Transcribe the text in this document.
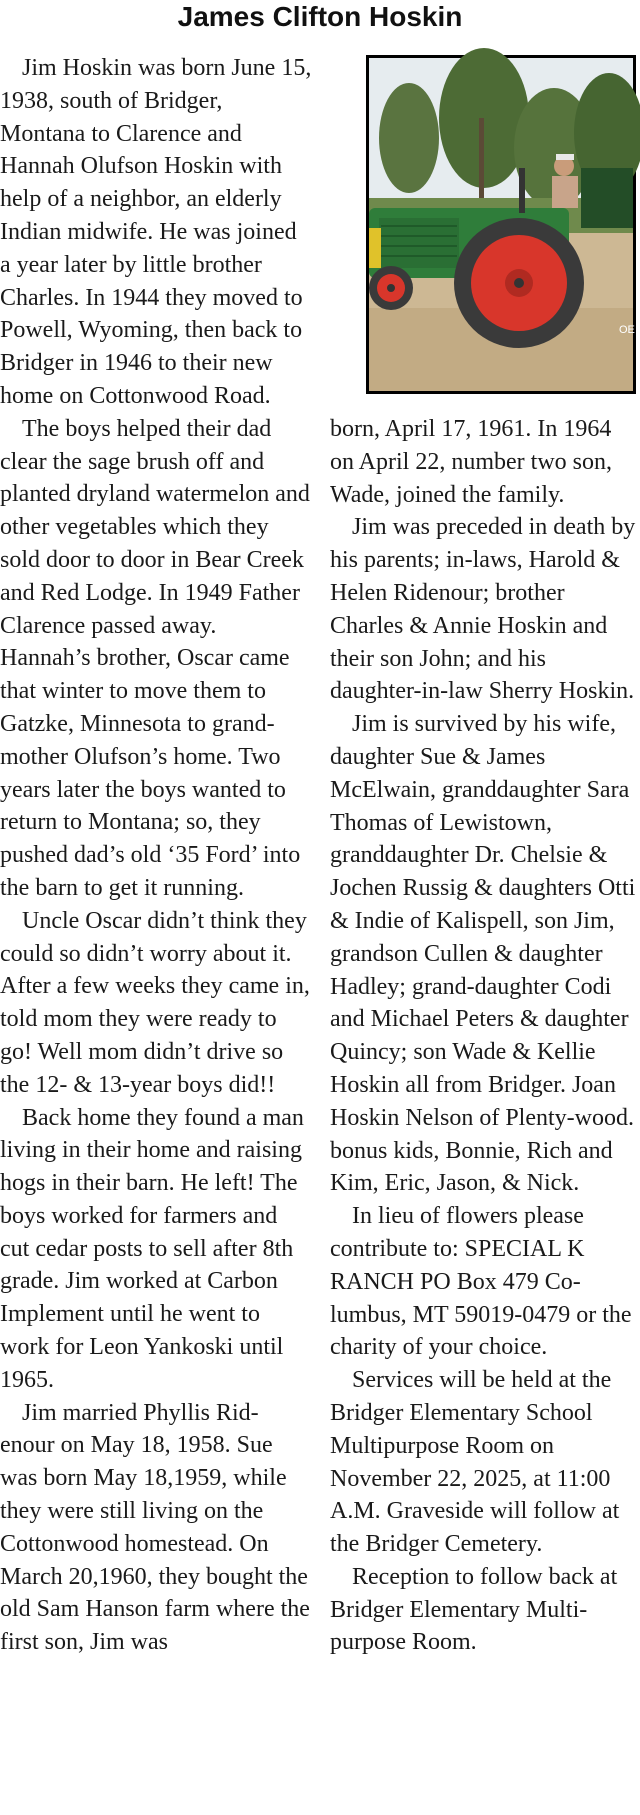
James Clifton Hoskin
OE

Jim Hoskin was born June 15, 1938, south of Bridger, Montana to Clarence and Hannah Olufson Hoskin with help of a neighbor, an elderly Indian midwife. He was joined a year later by little brother Charles. In 1944 they moved to Powell, Wyoming, then back to Bridger in 1946 to their new home on Cottonwood Road.

The boys helped their dad clear the sage brush off and planted dryland watermelon and other vegetables which they sold door to door in Bear Creek and Red Lodge. In 1949 Father Clarence passed away. Hannah’s brother, Oscar came that winter to move them to Gatzke, Minnesota to grand-mother Olufson’s home. Two years later the boys wanted to return to Montana; so, they pushed dad’s old ‘35 Ford’ into the barn to get it running.

Uncle Oscar didn’t think they could so didn’t worry about it. After a few weeks they came in, told mom they were ready to go! Well mom didn’t drive so the 12- & 13-year boys did!!

Back home they found a man living in their home and raising hogs in their barn. He left! The boys worked for farmers and cut cedar posts to sell after 8th grade. Jim worked at Carbon Implement until he went to work for Leon Yankoski until 1965.

Jim married Phyllis Rid-enour on May 18, 1958. Sue was born May 18,1959, while they were still living on the Cottonwood homestead. On March 20,1960, they bought the old Sam Hanson farm where the first son, Jim was

born, April 17, 1961. In 1964 on April 22, number two son, Wade, joined the family.

Jim was preceded in death by his parents; in-laws, Harold & Helen Ridenour; brother Charles & Annie Hoskin and their son John; and his daughter-in-law Sherry Hoskin.

Jim is survived by his wife, daughter Sue & James McElwain, granddaughter Sara Thomas of Lewistown, granddaughter Dr. Chelsie & Jochen Russig & daughters Otti & Indie of Kalispell, son Jim, grandson Cullen & daughter Hadley; grand-daughter Codi and Michael Peters & daughter Quincy; son Wade & Kellie Hoskin all from Bridger. Joan Hoskin Nelson of Plenty-wood. bonus kids, Bonnie, Rich and Kim, Eric, Jason, & Nick.

In lieu of flowers please contribute to: SPECIAL K RANCH PO Box 479 Co-lumbus, MT 59019-0479 or the charity of your choice.

Services will be held at the Bridger Elementary School Multipurpose Room on November 22, 2025, at 11:00 A.M. Graveside will follow at the Bridger Cemetery.

Reception to follow back at Bridger Elementary Multi-purpose Room.
